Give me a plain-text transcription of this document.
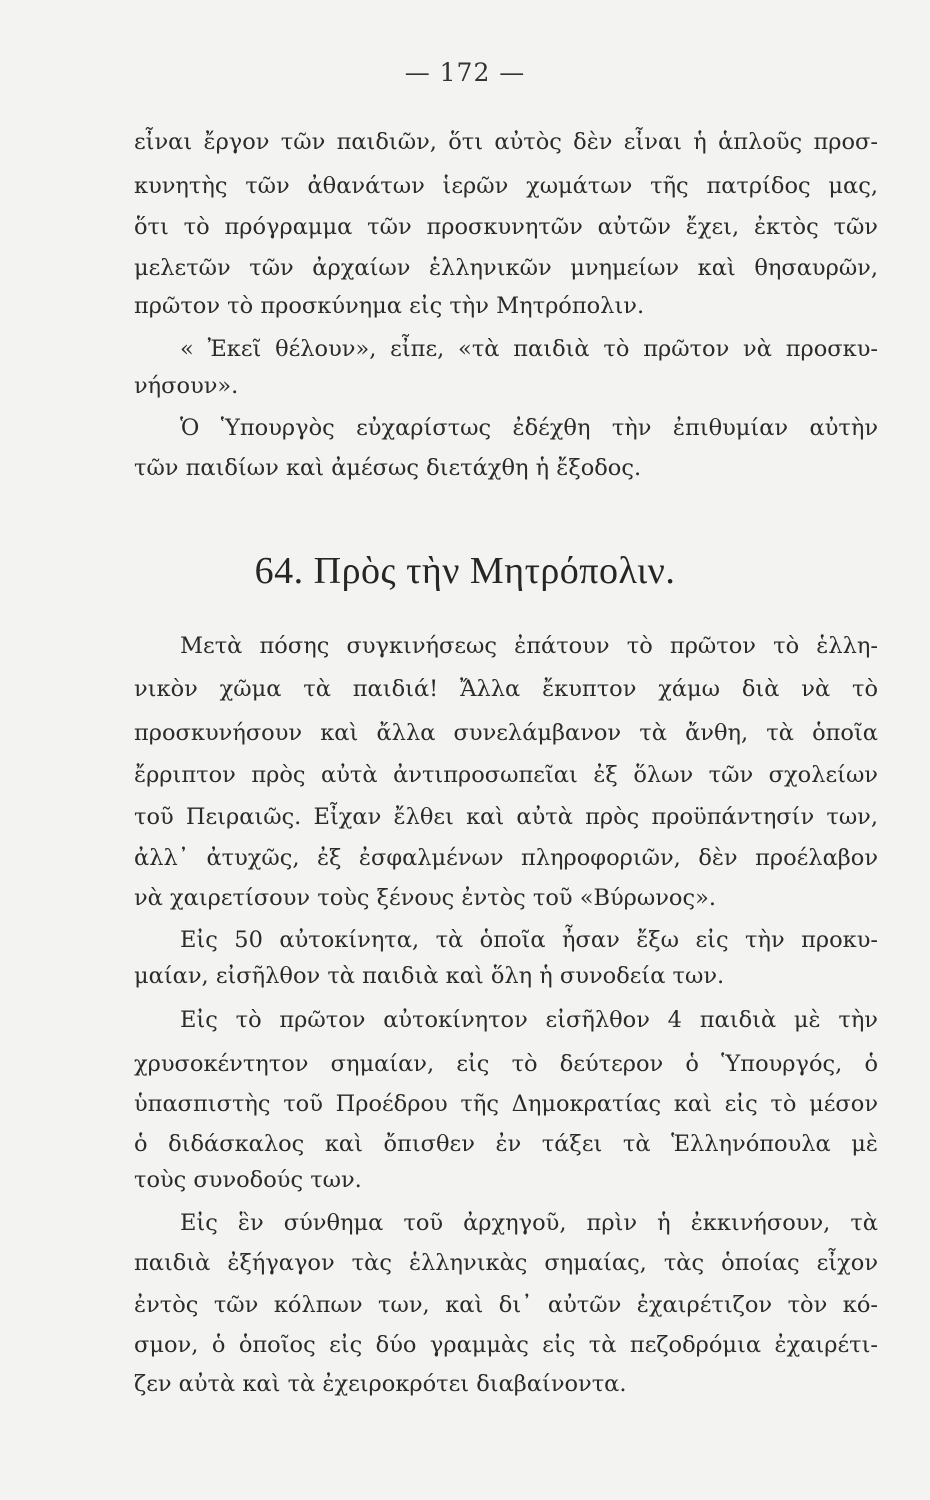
— 172 —
εἶναι ἔργον τῶν παιδιῶν, ὅτι αὐτὸς δὲν εἶναι ἡ ἁπλοῦς προσ-
κυνητὴς τῶν ἀθανάτων ἱερῶν χωμάτων τῆς πατρίδος μας,
ὅτι τὸ πρόγραμμα τῶν προσκυνητῶν αὐτῶν ἔχει, ἐκτὸς τῶν
μελετῶν τῶν ἀρχαίων ἑλληνικῶν μνημείων καὶ θησαυρῶν,
πρῶτον τὸ προσκύνημα εἰς τὴν Μητρόπολιν.
« Ἐκεῖ θέλουν», εἶπε, «τὰ παιδιὰ τὸ πρῶτον νὰ προσκυ-
νήσουν».
Ὁ Ὑπουργὸς εὐχαρίστως ἐδέχθη τὴν ἐπιθυμίαν αὐτὴν
τῶν παιδίων καὶ ἀμέσως διετάχθη ἡ ἔξοδος.
64. Πρὸς τὴν Μητρόπολιν.
Μετὰ πόσης συγκινήσεως ἐπάτουν τὸ πρῶτον τὸ ἑλλη-
νικὸν χῶμα τὰ παιδιά! Ἄλλα ἔκυπτον χάμω διὰ νὰ τὸ
προσκυνήσουν καὶ ἄλλα συνελάμβανον τὰ ἄνθη, τὰ ὁποῖα
ἔρριπτον πρὸς αὐτὰ ἀντιπροσωπεῖαι ἐξ ὅλων τῶν σχολείων
τοῦ Πειραιῶς. Εἶχαν ἔλθει καὶ αὐτὰ πρὸς προϋπάντησίν των,
ἀλλ᾽ ἀτυχῶς, ἐξ ἐσφαλμένων πληροφοριῶν, δὲν προέλαβον
νὰ χαιρετίσουν τοὺς ξένους ἐντὸς τοῦ «Βύρωνος».
Εἰς 50 αὐτοκίνητα, τὰ ὁποῖα ἦσαν ἔξω εἰς τὴν προκυ-
μαίαν, εἰσῆλθον τὰ παιδιὰ καὶ ὅλη ἡ συνοδεία των.
Εἰς τὸ πρῶτον αὐτοκίνητον εἰσῆλθον 4 παιδιὰ μὲ τὴν
χρυσοκέντητον σημαίαν, εἰς τὸ δεύτερον ὁ Ὑπουργός, ὁ
ὑπασπιστὴς τοῦ Προέδρου τῆς Δημοκρατίας καὶ εἰς τὸ μέσον
ὁ διδάσκαλος καὶ ὄπισθεν ἐν τάξει τὰ Ἑλληνόπουλα μὲ
τοὺς συνοδούς των.
Εἰς ἓν σύνθημα τοῦ ἀρχηγοῦ, πρὶν ἡ ἐκκινήσουν, τὰ
παιδιὰ ἐξήγαγον τὰς ἑλληνικὰς σημαίας, τὰς ὁποίας εἶχον
ἐντὸς τῶν κόλπων των, καὶ δι᾽ αὐτῶν ἐχαιρέτιζον τὸν κό-
σμον, ὁ ὁποῖος εἰς δύο γραμμὰς εἰς τὰ πεζοδρόμια ἐχαιρέτι-
ζεν αὐτὰ καὶ τὰ ἐχειροκρότει διαβαίνοντα.
